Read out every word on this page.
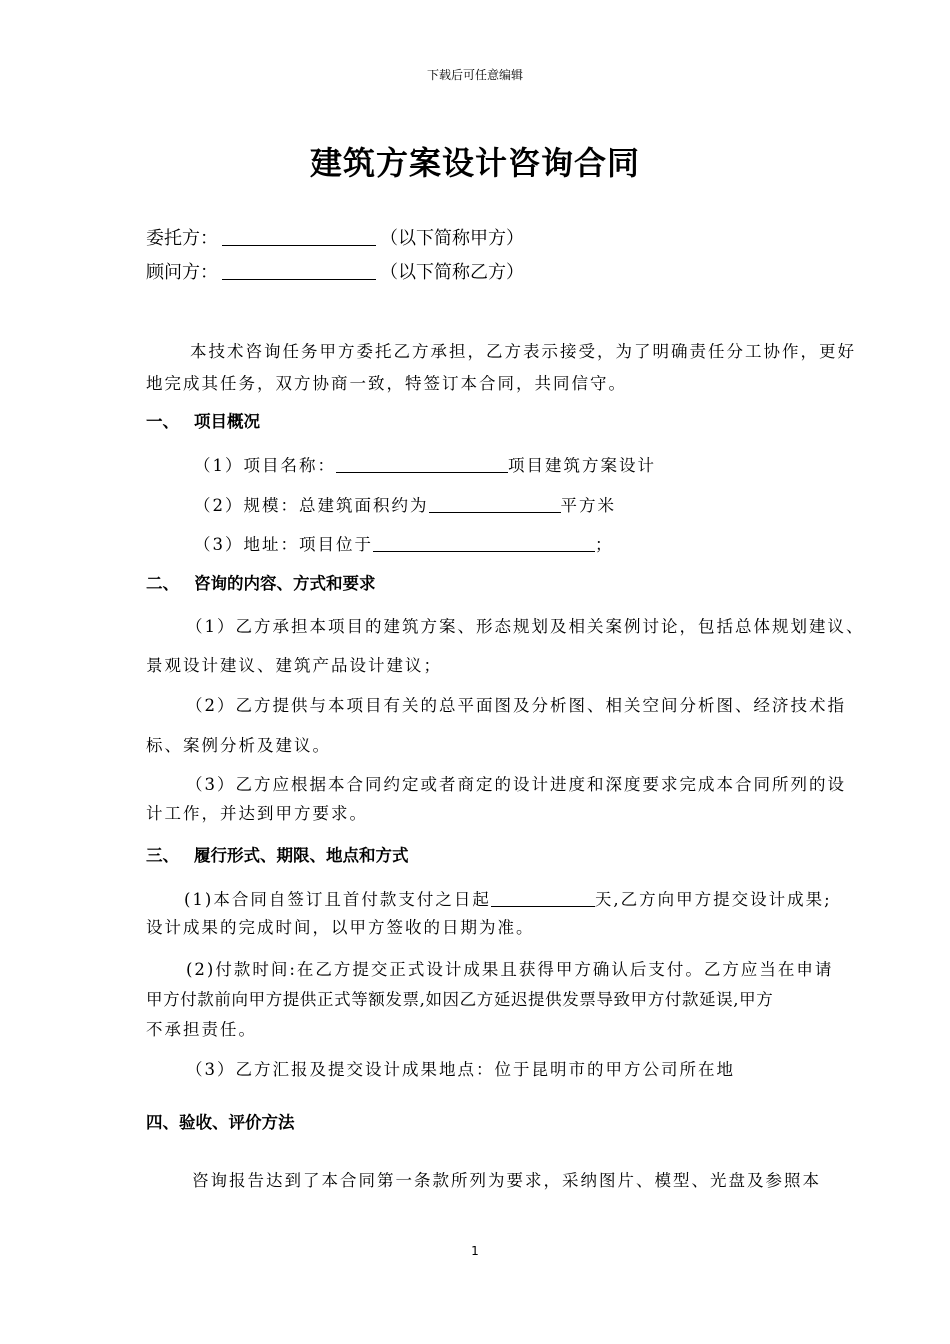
下载后可任意编辑
建筑方案设计咨询合同
委托方：	（以下简称甲方）
顾问方：	（以下简称乙方）
本技术咨询任务甲方委托乙方承担，乙方表示接受，为了明确责任分工协作，更好
地完成其任务，双方协商一致，特签订本合同，共同信守。
一、 项目概况
（1）项目名称：	项目建筑方案设计
（2）规模：总建筑面积约为	平方米
（3）地址：项目位于	；
二、 咨询的内容、方式和要求
（1）乙方承担本项目的建筑方案、形态规划及相关案例讨论，包括总体规划建议、
景观设计建议、建筑产品设计建议；
（2）乙方提供与本项目有关的总平面图及分析图、相关空间分析图、经济技术指
标、案例分析及建议。
（3）乙方应根据本合同约定或者商定的设计进度和深度要求完成本合同所列的设
计工作，并达到甲方要求。
三、 履行形式、期限、地点和方式
(1)本合同自签订且首付款支付之日起	天,乙方向甲方提交设计成果;
设计成果的完成时间，以甲方签收的日期为准。
(2)付款时间:在乙方提交正式设计成果且获得甲方确认后支付。乙方应当在申请
甲方付款前向甲方提供正式等额发票,如因乙方延迟提供发票导致甲方付款延误,甲方
不承担责任。
（3）乙方汇报及提交设计成果地点：位于昆明市的甲方公司所在地
四、验收、评价方法
咨询报告达到了本合同第一条款所列为要求，采纳图片、模型、光盘及参照本
1
